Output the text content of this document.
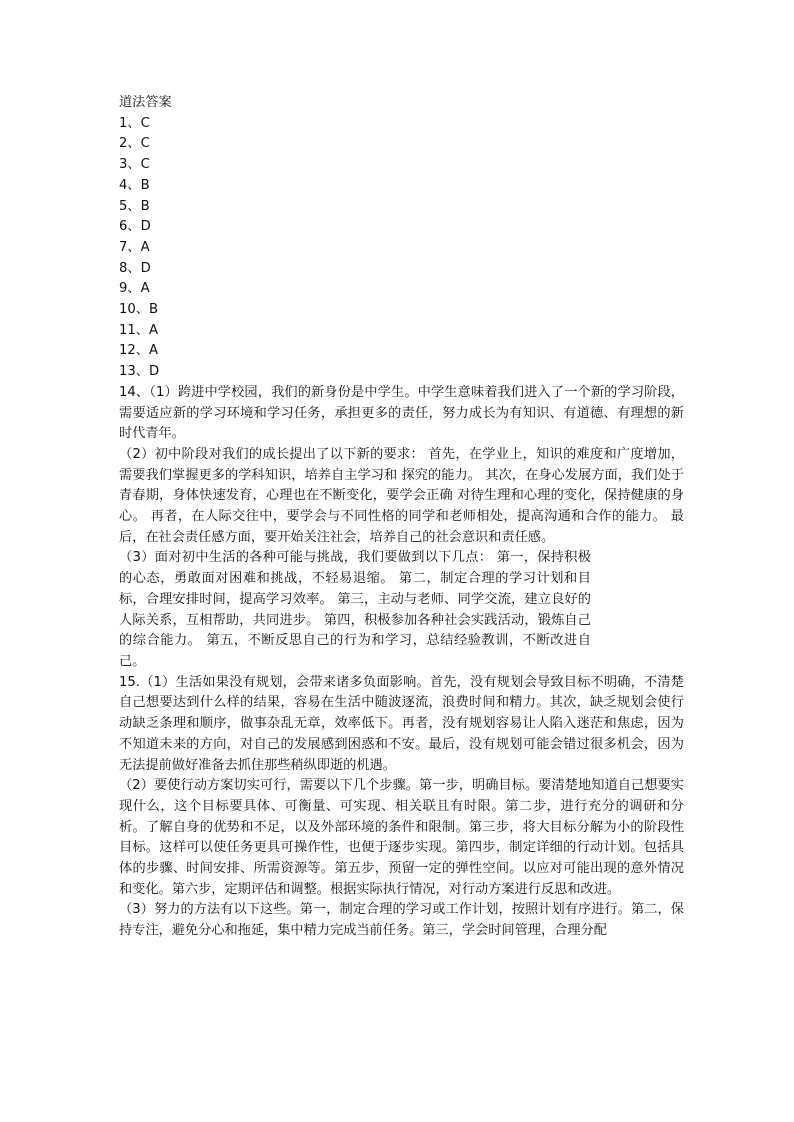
道法答案
1、C
2、C
3、C
4、B
5、B
6、D
7、A
8、D
9、A
10、B
11、A
12、A
13、D

14、（1）跨进中学校园，我们的新身份是中学生。中学生意味着我们进入了一个新的学习阶段，需要适应新的学习环境和学习任务，承担更多的责任，努力成长为有知识、有道德、有理想的新时代青年。

（2）初中阶段对我们的成长提出了以下新的要求： 首先，在学业上，知识的难度和广度增加，需要我们掌握更多的学科知识，培养自主学习和 探究的能力。 其次，在身心发展方面，我们处于青春期，身体快速发育，心理也在不断变化，要学会正确 对待生理和心理的变化，保持健康的身心。 再者，在人际交往中，要学会与不同性格的同学和老师相处，提高沟通和合作的能力。 最后，在社会责任感方面，要开始关注社会，培养自己的社会意识和责任感。

（3）面对初中生活的各种可能与挑战，我们要做到以下几点： 第一，保持积极的心态，勇敢面对困难和挑战，不轻易退缩。 第二，制定合理的学习计划和目标，合理安排时间，提高学习效率。 第三，主动与老师、同学交流，建立良好的人际关系，互相帮助，共同进步。 第四，积极参加各种社会实践活动，锻炼自己的综合能力。 第五，不断反思自己的行为和学习，总结经验教训，不断改进自己。

15.（1）生活如果没有规划，会带来诸多负面影响。首先，没有规划会导致目标不明确，不清楚自己想要达到什么样的结果，容易在生活中随波逐流，浪费时间和精力。其次，缺乏规划会使行动缺乏条理和顺序，做事杂乱无章，效率低下。再者，没有规划容易让人陷入迷茫和焦虑，因为不知道未来的方向，对自己的发展感到困惑和不安。最后，没有规划可能会错过很多机会，因为无法提前做好准备去抓住那些稍纵即逝的机遇。

（2）要使行动方案切实可行，需要以下几个步骤。第一步，明确目标。要清楚地知道自己想要实现什么，这个目标要具体、可衡量、可实现、相关联且有时限。第二步，进行充分的调研和分析。了解自身的优势和不足，以及外部环境的条件和限制。第三步，将大目标分解为小的阶段性目标。这样可以使任务更具可操作性，也便于逐步实现。第四步，制定详细的行动计划。包括具体的步骤、时间安排、所需资源等。第五步，预留一定的弹性空间。以应对可能出现的意外情况和变化。第六步，定期评估和调整。根据实际执行情况，对行动方案进行反思和改进。

（3）努力的方法有以下这些。第一，制定合理的学习或工作计划，按照计划有序进行。第二，保持专注，避免分心和拖延，集中精力完成当前任务。第三，学会时间管理，合理分配
